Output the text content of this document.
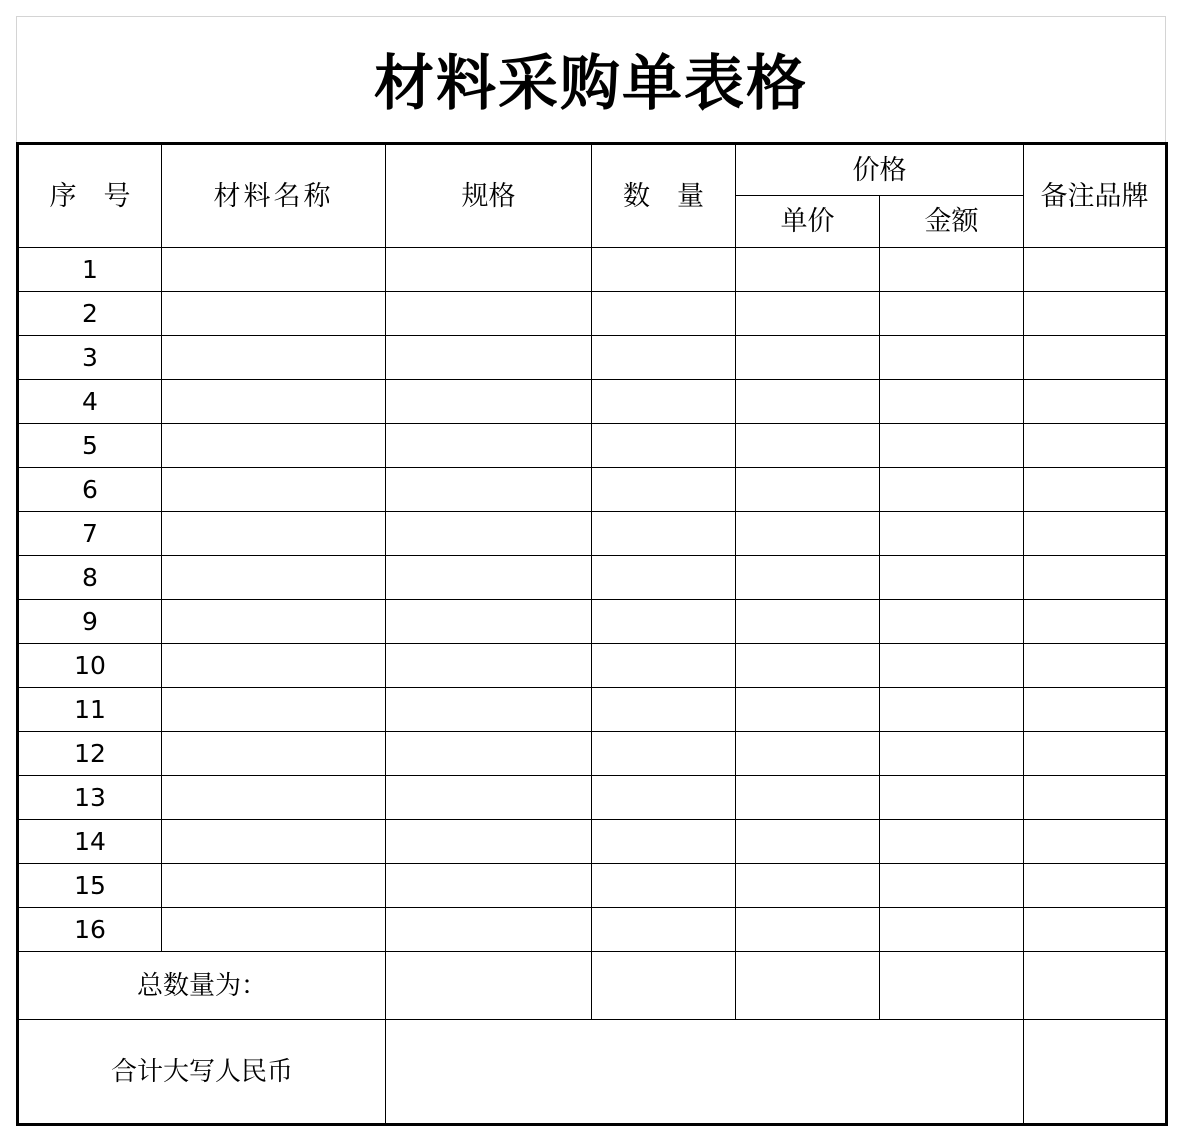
材料采购单表格
序　号	材料名称	规格	数　量	价格		备注品牌
				单价	金额	
1						
2						
3						
4						
5						
6						
7						
8						
9						
10						
11						
12						
13						
14						
15						
16						
总数量为：						
合计大写人民币						
